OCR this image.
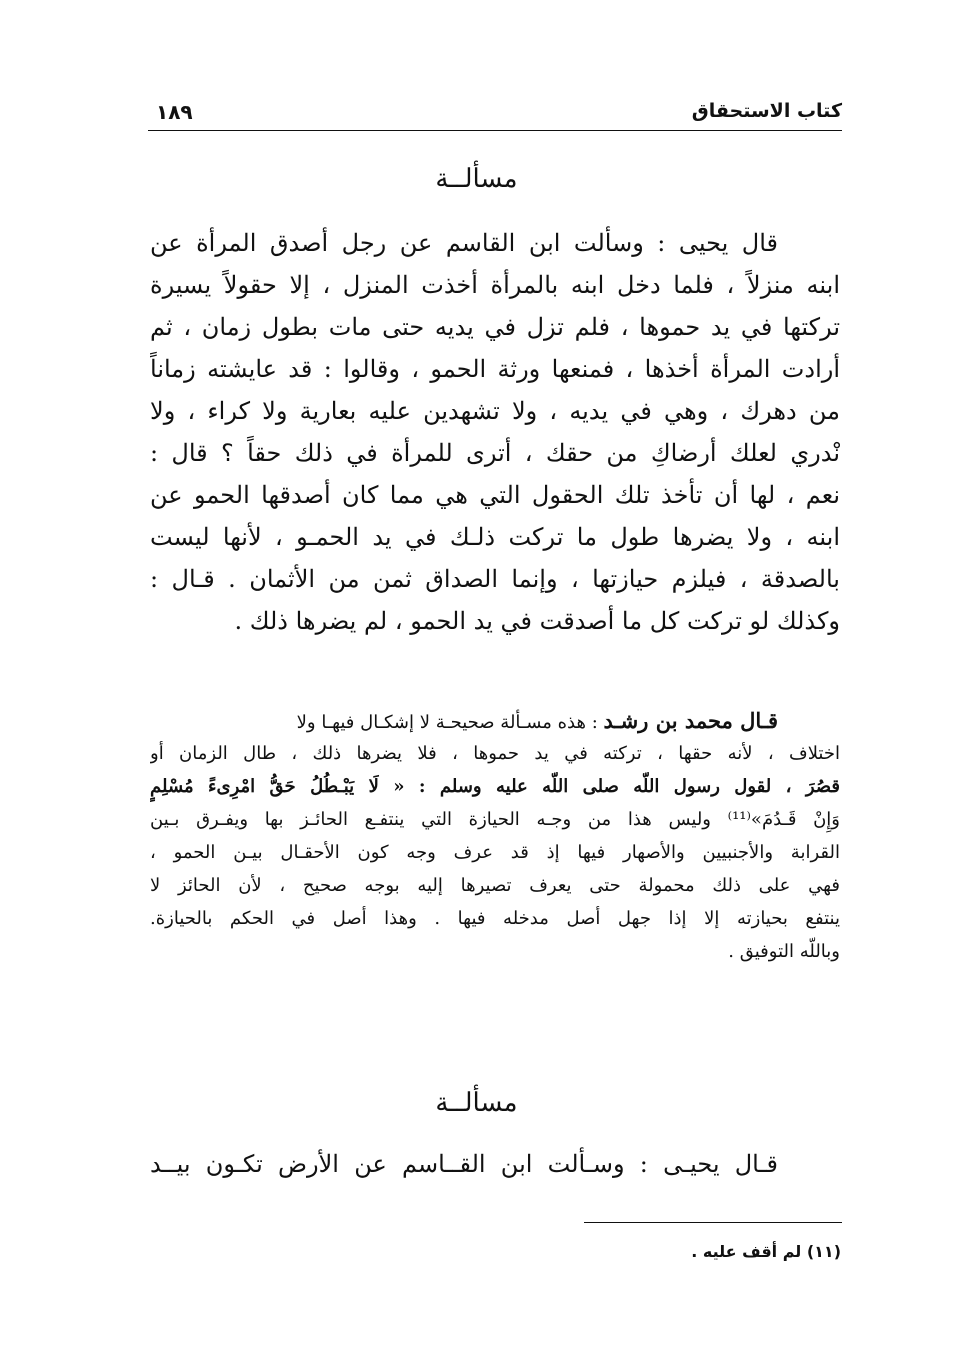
كتاب الاستحقاق
١٨٩
مسألــة
قال يحيى : وسألت ابن القاسم عن رجل أصدق المرأة عن
ابنه منزلاً ، فلما دخل ابنه بالمرأة أخذت المنزل ، إلا حقولاً يسيرة
تركتها في يد حموها ، فلم تزل في يديه حتى مات بطول زمان ، ثم
أرادت المرأة أخذها ، فمنعها ورثة الحمو ، وقالوا : قد عايشته زماناً
من دهرك ، وهي في يديه ، ولا تشهدين عليه بعارية ولا كراء ، ولا
نْدري لعلك أرضاكِ من حقك ، أترى للمرأة في ذلك حقاً ؟ قال :
نعم ، لها أن تأخذ تلك الحقول التي هي مما كان أصدقها الحمو عن
ابنه ، ولا يضرها طول ما تركت ذلـك في يد الحمـو ، لأنها ليست
بالصدقة ، فيلزم حيازتها ، وإنما الصداق ثمن من الأثمان . قـال :
وكذلك لو تركت كل ما أصدقت في يد الحمو ، لم يضرها ذلك .
قـال محمد بن رشـد : هذه مسـألة صحيحـة لا إشكـال فيهـا ولا
اختلاف ، لأنه حقها ، تركته في يد حموها ، فلا يضرها ذلك ، طال الزمان أو
قصُرَ ، لقول رسول اللّه صلى اللّه عليه وسلم : « لَا يَبْـطُلُ حَقُّ امْرِىءً مُسْلِمٍ
وَإِنْ قَـدُمَ»⁽¹¹⁾ وليس هذا من وجـه الحيازة التي ينتفـع الحائـز بها ويفـرق بـين
القرابة والأجنبيين والأصهار فيها إذ قد عرف وجه كون الأحقـال بيـن الحمو ،
فهي على ذلك محمولة حتى يعرف تصيرها إليه بوجه صحيح ، لأن الحائز لا
ينتفع بحيازته إلا إذا جهل أصل مدخله فيها . وهذا أصل في الحكم بالحيازة.
وباللّه التوفيق .
مسألــة
قـال يحيـى : وسـألت ابن القــاسم عن الأرض تكـون بيــد
(١١) لم أقف عليه .
